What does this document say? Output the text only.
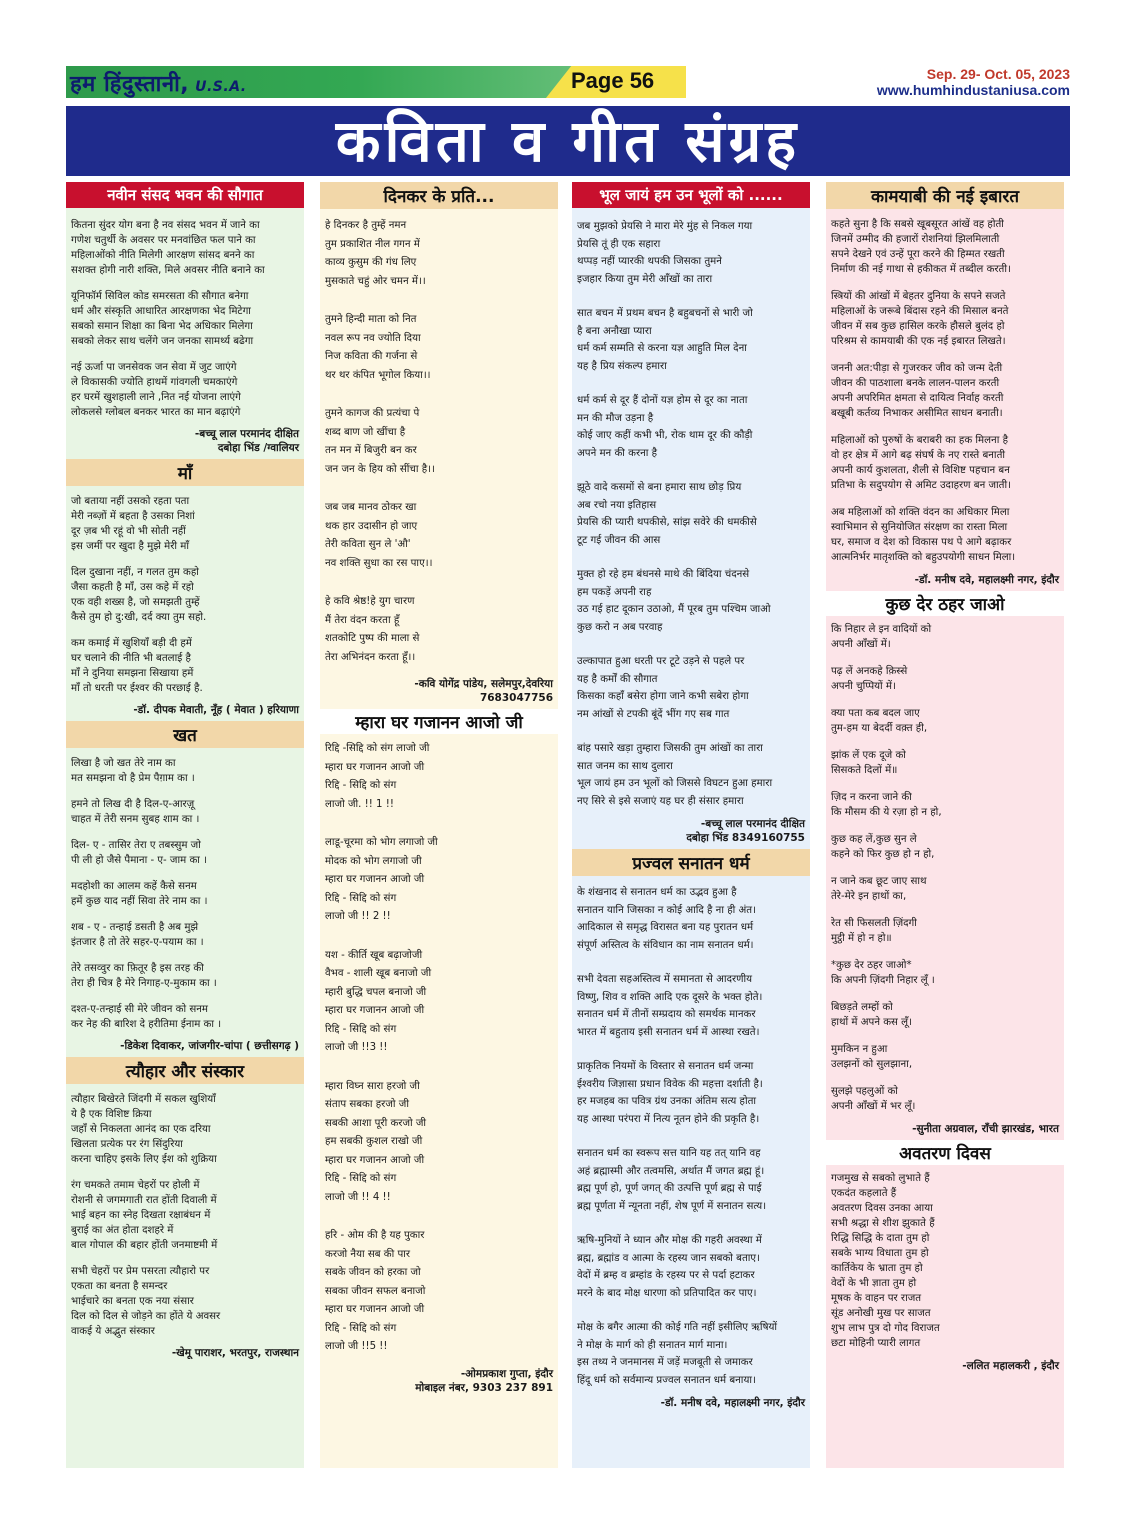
हम हिंदुस्तानी, U.S.A.	Page 56	Sep. 29- Oct. 05, 2023
www.humhindustaniusa.com
कविता व गीत संग्रह
नवीन संसद भवन की सौगात
कितना सुंदर योग बना है नव संसद भवन में जाने का
गणेश चतुर्थी के अवसर पर मनवांछित फल पाने का
महिलाओंको नीति मिलेगी आरक्षण सांसद बनने का
सशक्त होगी नारी शक्ति, मिले अवसर नीति बनाने का
यूनिफॉर्म सिविल कोड समरसता की सौगात बनेगा
धर्म और संस्कृति आधारित आरक्षणका भेद मिटेगा
सबको समान शिक्षा का बिना भेद अधिकार मिलेगा
सबको लेकर साथ चलेंगे जन जनका सामर्थ्य बढेगा
नई ऊर्जा पा जनसेवक जन सेवा में जुट जाएंगे
ले विकासकी ज्योति हाथमें गांवगली चमकाएंगे
हर घरमें खुशहाली लाने ,नित नई योजना लाएंगे
लोकलसे ग्लोबल बनकर भारत का मान बढ़ाएंगे
-बच्चू लाल परमानंद दीक्षित
दबोहा भिंड /ग्वालियर
माँ
जो बताया नहीं उसको रहता पता
मेरी नब्ज़ों में बहता है उसका निशां
दूर ज़ब भी रहूं वो भी सोती नहीं
इस जमीं पर खुदा है मुझे मेरी माँ
दिल दुखाना नहीं, न गलत तुम कहो
जैसा कहती है माँ, उस कहे में रहो
एक वही शख्स है, जो समझती तुम्हें
कैसे तुम हो दु:खी, दर्द क्या तुम सहो.
कम कमाई में खुशियाँ बड़ी दी हमें
घर चलाने की नीति भी बतलाई है
माँ ने दुनिया समझना सिखाया हमें
माँ तो धरती पर ईश्वर की परछाई है.
-डॉ. दीपक मेवाती, नूँह ( मेवात ) हरियाणा
खत
लिखा है जो खत तेरे नाम का
मत समझना वो है प्रेम पैग़ाम का ।
हमने तो लिख दी है दिल-ए-आरज़ू
चाहत में तेरी सनम सुबह शाम का ।
दिल- ए - तासिर तेरा ए तबस्सुम जो
पी ली हो जैसे पैमाना - ए- जाम का ।
मदहोशी का आलम कहें कैसे सनम
हमें कुछ याद नहीं सिवा तेरे नाम का ।
शब - ए - तन्हाई डसती है अब मुझे
इंतजार है तो तेरे सहर-ए-पयाम का ।
तेरे तसव्वुर का फ़ितूर है इस तरह की
तेरा ही चित्र है मेरे निगाह-ए-मुकाम का ।
दश्त-ए-तन्हाई सी मेरे जीवन को सनम
कर नेह की बारिश दे हरीतिमा ईनाम का ।
-डिकेश दिवाकर, जांजगीर-चांपा ( छत्तीसगढ़ )
त्यौहार और संस्कार
त्यौहार बिखेरते जिंदगी में सकल खुशियाँ
ये है एक विशिष्ट क्रिया
जहाँ से निकलता आनंद का एक दरिया
खिलता प्रत्येक पर रंग सिंदुरिया
करना चाहिए इसके लिए ईश को शुक्रिया
रंग चमकते तमाम चेहरों पर होली में
रोशनी से जगमगाती रात होंती दिवाली में
भाई बहन का स्नेह दिखता रक्षाबंधन में
बुराई का अंत होता दशहरे में
बाल गोपाल की बहार होंती जनमाष्टमी में
सभी चेहरों पर प्रेम पसरता त्यौहारो पर
एकता का बनता है समन्दर
भाईचारे का बनता एक नया संसार
दिल को दिल से जोड़ने का होंते ये अवसर
वाकई ये अद्भुत संस्कार
-खेमू पाराशर, भरतपुर, राजस्थान
दिनकर के प्रति...
हे दिनकर है तुम्हें नमन
तुम प्रकाशित नील गगन में
काव्य कुसुम की गंध लिए
मुसकाते चहुं ओर चमन में।।
तुमने हिन्दी माता को नित
नवल रूप नव ज्योति दिया
निज कविता की गर्जना से
थर थर कंपित भूगोल किया।।
तुमने कागज की प्रत्यंचा पे
शब्द बाण जो खींचा है
तन मन में बिजुरी बन कर
जन जन के हिय को सींचा है।।
जब जब मानव ठोकर खा
थक हार उदासीन हो जाए
तेरी कविता सुन ले 'औ'
नव शक्ति सुधा का रस पाए।।
हे कवि श्रेष्ठ!हे युग चारण
मैं तेरा वंदन करता हूँ
शतकोटि पुष्प की माला से
तेरा अभिनंदन करता हूँ।।
-कवि योगेंद्र पांडेय, सलेमपुर,देवरिया
7683047756
म्हारा घर गजानन आजो जी
रिद्दि -सिद्दि को संग लाजो जी
म्हारा घर गजानन आजो जी
रिद्दि - सिद्दि को संग
लाजो जी. !! 1 !!
लाडू-चूरमा को भोग लगाजो जी
मोदक को भोग लगाजो जी
म्हारा घर गजानन आजो जी
रिद्दि - सिद्दि को संग
लाजो जी !! 2 !!
यश - कीर्ति खूब बढ़ाजोजी
वैभव - शाली खूब बनाजो जी
म्हारी बुद्धि चपल बनाजो जी
म्हारा घर गजानन आजो जी
रिद्दि - सिद्दि को संग
लाजो जी !!3 !!
म्हारा विघ्न सारा हरजो जी
संताप सबका हरजो जी
सबकी आशा पूरी करजो जी
हम सबकी कुशल राखो जी
म्हारा घर गजानन आजो जी
रिद्दि - सिद्दि को संग
लाजो जी !! 4 !!
हरि - ओम की है यह पुकार
करजो नैया सब की पार
सबके जीवन को हरका जो
सबका जीवन सफल बनाजो
म्हारा घर गजानन आजो जी
रिद्दि - सिद्दि को संग
लाजो जी !!5 !!
-ओमप्रकाश गुप्ता, इंदौर
मोबाइल नंबर, 9303 237 891
भूल जायं हम उन भूलों को ......
जब मुझको प्रेयसि ने मारा मेरे मुंह से निकल गया
प्रेयसि तूं ही एक सहारा
थप्पड़ नहीं प्यारकी थपकी जिसका तुमने
इजहार किया तुम मेरी आँखों का तारा
सात बचन में प्रथम बचन है बहुबचनों से भारी जो
है बना अनौखा प्यारा
धर्म कर्म सम्मति से करना यज्ञ आहुति मिल देना
यह है प्रिय संकल्प हमारा
धर्म कर्म से दूर हैं दोनों यज्ञ होम से दूर का नाता
मन की मौज उड़ना है
कोई जाए कहीं कभी भी, रोक थाम दूर की कौड़ी
अपने मन की करना है
झूठे वादे कसमों से बना हमारा साथ छोड़ प्रिय
अब रचो नया इतिहास
प्रेयसि की प्यारी थपकीसे, सांझ सवेरे की धमकीसे
टूट गई जीवन की आस
मुक्त हो रहे हम बंधनसे माथे की बिंदिया चंदनसे
हम पकड़ें अपनी राह
उठ गई हाट दूकान उठाओ, मैं पूरब तुम पश्चिम जाओ
कुछ करो न अब परवाह
उल्कापात हुआ धरती पर टूटे उड़ने से पहले पर
यह है कर्मों की सौगात
किसका कहाँ बसेरा होगा जाने कभी सबेरा होगा
नम आंखों से टपकी बूंदें भींग गए सब गात
बांह पसारे खड़ा तुम्हारा जिसकी तुम आंखों का तारा
सात जनम का साथ दुलारा
भूल जायं हम उन भूलों को जिससे विघटन हुआ हमारा
नए सिरे से इसे सजाएं यह घर ही संसार हमारा
-बच्चू लाल परमानंद दीक्षित
दबोहा भिंड 8349160755
प्रज्वल सनातन धर्म
के शंखनाद से सनातन धर्म का उद्भव हुआ है
सनातन यानि जिसका न कोई आदि है ना ही अंत।
आदिकाल से समृद्ध विरासत बना यह पुरातन धर्म
संपूर्ण अस्तित्व के संविधान का नाम सनातन धर्म।
सभी देवता सहअस्तित्व में समानता से आदरणीय
विष्णु, शिव व शक्ति आदि एक दूसरे के भक्त होते।
सनातन धर्म में तीनों सम्प्रदाय को समर्थक मानकर
भारत में बहुताय इसी सनातन धर्म में आस्था रखते।
प्राकृतिक नियमों के विस्तार से सनातन धर्म जन्मा
ईश्वरीय जिज्ञासा प्रधान विवेक की महत्ता दर्शाती है।
हर मजहब का पवित्र ग्रंथ उनका अंतिम सत्य होता
यह आस्था परंपरा में नित्य नूतन होने की प्रकृति है।
सनातन धर्म का स्वरूप सत्त यानि यह तत् यानि वह
अहं ब्रह्मास्मी और तत्वमसि, अर्थात मैं जगत ब्रह्म हूं।
ब्रह्म पूर्ण हो, पूर्ण जगत् की उत्पत्ति पूर्ण ब्रह्म से पाई
ब्रह्म पूर्णता में न्यूनता नहीं, शेष पूर्ण में सनातन सत्य।
ऋषि-मुनियों ने ध्यान और मोक्ष की गहरी अवस्था में
ब्रह्म, ब्रह्मांड व आत्मा के रहस्य जान सबको बताए।
वेदों में ब्रम्ह व ब्रम्हांड के रहस्य पर से पर्दा हटाकर
मरने के बाद मोक्ष धारणा को प्रतिपादित कर पाए।
मोक्ष के बगैर आत्मा की कोई गति नहीं इसीलिए ऋषियों
ने मोक्ष के मार्ग को ही सनातन मार्ग माना।
इस तथ्य ने जनमानस में जड़ें मजबूती से जमाकर
हिंदू धर्म को सर्वमान्य प्रज्वल सनातन धर्म बनाया।
-डॉ. मनीष दवे, महालक्ष्मी नगर, इंदौर
कामयाबी की नई इबारत
कहते सुना है कि सबसे खूबसूरत आंखें वह होती
जिनमें उम्मीद की हजारों रोशनियां झिलमिलाती
सपने देखने एवं उन्हें पूरा करने की हिम्मत रखती
निर्माण की नई गाथा से हकीकत में तब्दील करती।
स्त्रियों की आंखों में बेहतर दुनिया के सपने सजते
महिलाओं के जरूबे बिंदास रहने की मिसाल बनते
जीवन में सब कुछ हासिल करके हौसले बुलंद हो
परिश्रम से कामयाबी की एक नई इबारत लिखते।
जननी अत:पीड़ा से गुजरकर जीव को जन्म देती
जीवन की पाठशाला बनके लालन-पालन करती
अपनी अपरिमित क्षमता से दायित्व निर्वाह करती
बखूबी कर्तव्य निभाकर असीमित साधन बनाती।
महिलाओं को पुरुषों के बराबरी का हक मिलना है
वो हर क्षेत्र में आगे बढ़ संघर्ष के नए रास्ते बनाती
अपनी कार्य कुशलता, शैली से विशिष्ट पहचान बन
प्रतिभा के सदुपयोग से अमिट उदाहरण बन जाती।
अब महिलाओं को शक्ति वंदन का अधिकार मिला
स्वाभिमान से सुनियोजित संरक्षण का रास्ता मिला
घर, समाज व देश को विकास पथ पे आगे बढ़ाकर
आत्मनिर्भर मातृशक्ति को बहुउपयोगी साधन मिला।
-डॉ. मनीष दवे, महालक्ष्मी नगर, इंदौर
कुछ देर ठहर जाओ
कि निहार ले इन वादियों को
अपनी आँखों में।
पढ़ लें अनकहे क़िस्से
अपनी चुप्पियों में।
क्या पता कब बदल जाए
तुम-हम या बेदर्दी वक़्त ही,
झांक लें एक दूजे को
सिसकते दिलों में॥
ज़िद न करना जाने की
कि मौसम की ये रज़ा हो न हो,
कुछ कह लें,कुछ सुन ले
कहने को फिर कुछ हो न हो,
न जाने कब छूट जाए साथ
तेरे-मेरे इन हाथों का,
रेत सी फिसलती ज़िंदगी
मुट्ठी में हो न हो॥
*कुछ देर ठहर जाओ*
कि अपनी ज़िंदगी निहार लूँ ।
बिछड़ते लम्हों को
हाथों में अपने कस लूँ।
मुमकिन न हुआ
उलझनों को सुलझाना,
सुलझे पहलुओं को
अपनी आँखों में भर लूँ।
-सुनीता अग्रवाल, राँची झारखंड, भारत
अवतरण दिवस
गजमुख से सबको लुभाते हैं
एकदंत कहलाते हैं
अवतरण दिवस उनका आया
सभी श्रद्धा से शीश झुकाते हैं
रिद्धि सिद्धि के दाता तुम हो
सबके भाग्य विधाता तुम हो
कार्तिकेय के भ्राता तुम हो
वेदों के भी ज्ञाता तुम हो
मूषक के वाहन पर राजत
सूंड अनोखी मुख पर साजत
शुभ लाभ पुत्र दो गोद विराजत
छटा मोहिनी प्यारी लागत
-ललित महालकरी , इंदौर
